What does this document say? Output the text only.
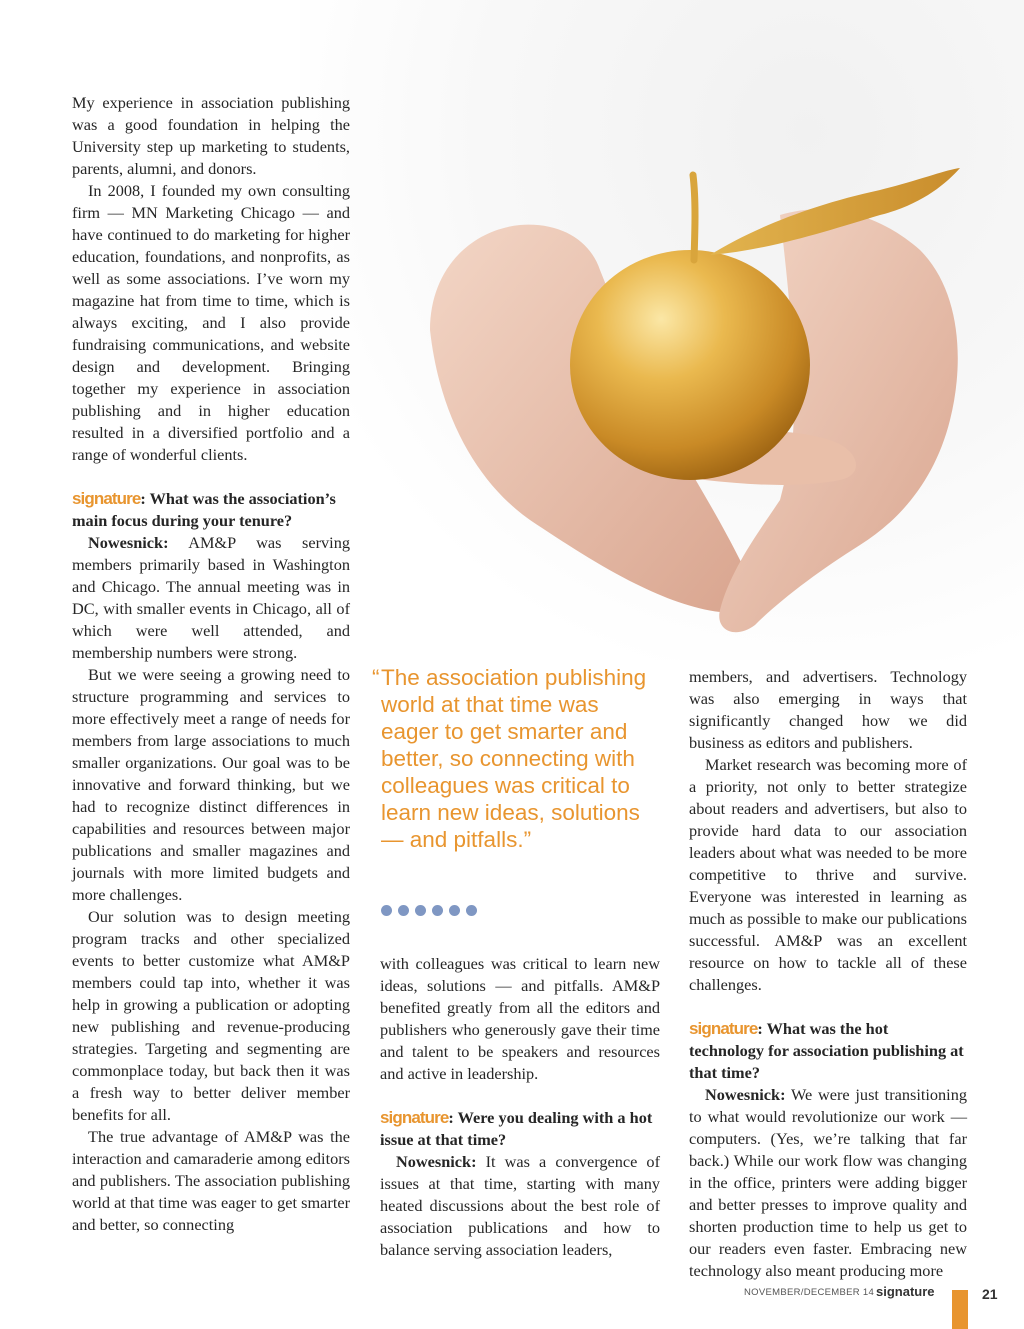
My experience in association publishing was a good foundation in helping the University step up marketing to students, parents, alumni, and donors.

In 2008, I founded my own consulting firm — MN Marketing Chicago — and have continued to do marketing for higher education, foundations, and nonprofits, as well as some associations. I’ve worn my magazine hat from time to time, which is always exciting, and I also provide fundraising communications, and website design and development. Bringing together my experience in association publishing and in higher education resulted in a diversified portfolio and a range of wonderful clients.

signature: What was the association’s main focus during your tenure?

Nowesnick: AM&P was serving members primarily based in Washington and Chicago. The annual meeting was in DC, with smaller events in Chicago, all of which were well attended, and membership numbers were strong.

But we were seeing a growing need to structure programming and services to more effectively meet a range of needs for members from large associations to much smaller organizations. Our goal was to be innovative and forward thinking, but we had to recognize distinct differences in capabilities and resources between major publications and smaller magazines and journals with more limited budgets and more challenges.

Our solution was to design meeting program tracks and other specialized events to better customize what AM&P members could tap into, whether it was help in growing a publication or adopting new publishing and revenue-producing strategies. Targeting and segmenting are commonplace today, but back then it was a fresh way to better deliver member benefits for all.

The true advantage of AM&P was the interaction and camaraderie among editors and publishers. The association publishing world at that time was eager to get smarter and better, so connecting

“ The association publishing world at that time was eager to get smarter and better, so connecting with colleagues was critical to learn new ideas, solutions — and pitfalls.”

with colleagues was critical to learn new ideas, solutions — and pitfalls. AM&P benefited greatly from all the editors and publishers who generously gave their time and talent to be speakers and resources and active in leadership.

signature: Were you dealing with a hot issue at that time?

Nowesnick: It was a convergence of issues at that time, starting with many heated discussions about the best role of association publications and how to balance serving association leaders,

members, and advertisers. Technology was also emerging in ways that significantly changed how we did business as editors and publishers.

Market research was becoming more of a priority, not only to better strategize about readers and advertisers, but also to provide hard data to our association leaders about what was needed to be more competitive to thrive and survive. Everyone was interested in learning as much as possible to make our publications successful. AM&P was an excellent resource on how to tackle all of these challenges.

signature: What was the hot technology for association publishing at that time?

Nowesnick: We were just transitioning to what would revolutionize our work — computers. (Yes, we’re talking that far back.) While our work flow was changing in the office, printers were adding bigger and better presses to improve quality and shorten production time to help us get to our readers even faster. Embracing new technology also meant producing more

NOVEMBER/DECEMBER 14 signature	21
